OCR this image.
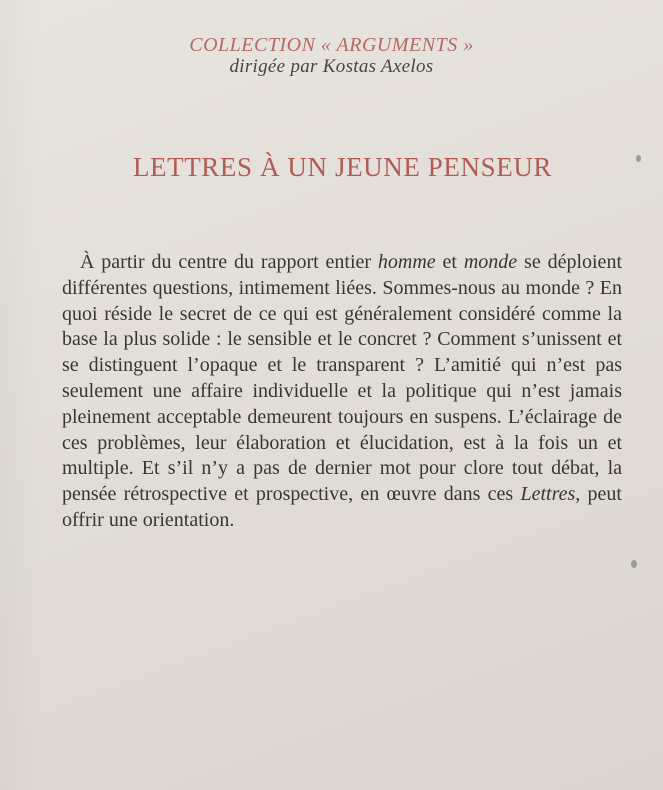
COLLECTION « ARGUMENTS »
dirigée par Kostas Axelos
LETTRES À UN JEUNE PENSEUR

À partir du centre du rapport entier homme et monde se déploient différentes questions, intimement liées. Sommes-nous au monde ? En quoi réside le secret de ce qui est généralement considéré comme la base la plus solide : le sensible et le concret ? Comment s’unissent et se distinguent l’opaque et le transparent ? L’amitié qui n’est pas seulement une affaire individuelle et la politique qui n’est jamais pleinement acceptable demeurent toujours en suspens. L’éclairage de ces problèmes, leur élaboration et élucidation, est à la fois un et multiple. Et s’il n’y a pas de dernier mot pour clore tout débat, la pensée rétrospective et prospective, en œuvre dans ces Lettres, peut offrir une orientation.
